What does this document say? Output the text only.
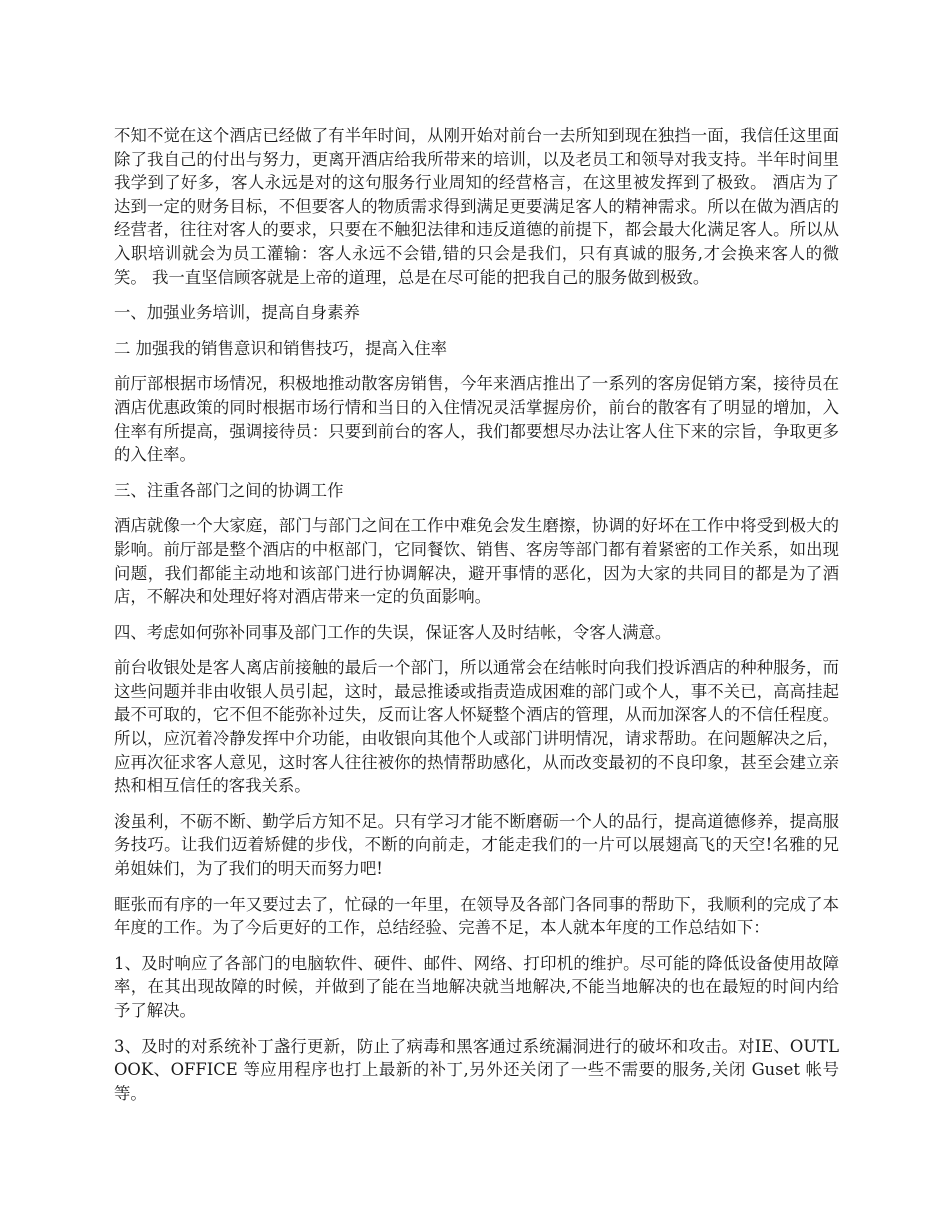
不知不觉在这个酒店已经做了有半年时间，从刚开始对前台一去所知到现在独挡一面，我信任这里面除了我自己的付出与努力，更离开酒店给我所带来的培训，以及老员工和领导对我支持。半年时间里我学到了好多，客人永远是对的这句服务行业周知的经营格言，在这里被发挥到了极致。 酒店为了达到一定的财务目标，不但要客人的物质需求得到满足更要满足客人的精神需求。所以在做为酒店的经营者，往往对客人的要求，只要在不触犯法律和违反道德的前提下，都会最大化满足客人。所以从入职培训就会为员工灌输：客人永远不会错,错的只会是我们，只有真诚的服务,才会换来客人的微笑。 我一直坚信顾客就是上帝的道理，总是在尽可能的把我自己的服务做到极致。

一、加强业务培训，提高自身素养

二 加强我的销售意识和销售技巧，提高入住率

前厅部根据市场情况，积极地推动散客房销售，今年来酒店推出了一系列的客房促销方案，接待员在酒店优惠政策的同时根据市场行情和当日的入住情况灵活掌握房价，前台的散客有了明显的增加，入住率有所提高，强调接待员：只要到前台的客人，我们都要想尽办法让客人住下来的宗旨，争取更多的入住率。

三、注重各部门之间的协调工作

酒店就像一个大家庭，部门与部门之间在工作中难免会发生磨擦，协调的好坏在工作中将受到极大的影响。前厅部是整个酒店的中枢部门，它同餐饮、销售、客房等部门都有着紧密的工作关系，如出现问题，我们都能主动地和该部门进行协调解决，避开事情的恶化，因为大家的共同目的都是为了酒店，不解决和处理好将对酒店带来一定的负面影响。

四、考虑如何弥补同事及部门工作的失误，保证客人及时结帐，令客人满意。

前台收银处是客人离店前接触的最后一个部门，所以通常会在结帐时向我们投诉酒店的种种服务，而这些问题并非由收银人员引起，这时，最忌推诿或指责造成困难的部门或个人，事不关已，高高挂起最不可取的，它不但不能弥补过失，反而让客人怀疑整个酒店的管理，从而加深客人的不信任程度。所以，应沉着冷静发挥中介功能，由收银向其他个人或部门讲明情况，请求帮助。在问题解决之后，应再次征求客人意见，这时客人往往被你的热情帮助感化，从而改变最初的不良印象，甚至会建立亲热和相互信任的客我关系。

浚虽利，不砺不断、勤学后方知不足。只有学习才能不断磨砺一个人的品行，提高道德修养，提高服务技巧。让我们迈着矫健的步伐，不断的向前走，才能走我们的一片可以展翅高飞的天空!名雅的兄弟姐妹们，为了我们的明天而努力吧!

眶张而有序的一年又要过去了，忙碌的一年里，在领导及各部门各同事的帮助下，我顺利的完成了本年度的工作。为了今后更好的工作，总结经验、完善不足，本人就本年度的工作总结如下：

1、及时响应了各部门的电脑软件、硬件、邮件、网络、打印机的维护。尽可能的降低设备使用故障率，在其出现故障的时候，并做到了能在当地解决就当地解决,不能当地解决的也在最短的时间内给予了解决。

3、及时的对系统补丁盏行更新，防止了病毒和黑客通过系统漏洞进行的破坏和攻击。对IE、OUTLOOK、OFFICE 等应用程序也打上最新的补丁,另外还关闭了一些不需要的服务,关闭 Guset 帐号等。
